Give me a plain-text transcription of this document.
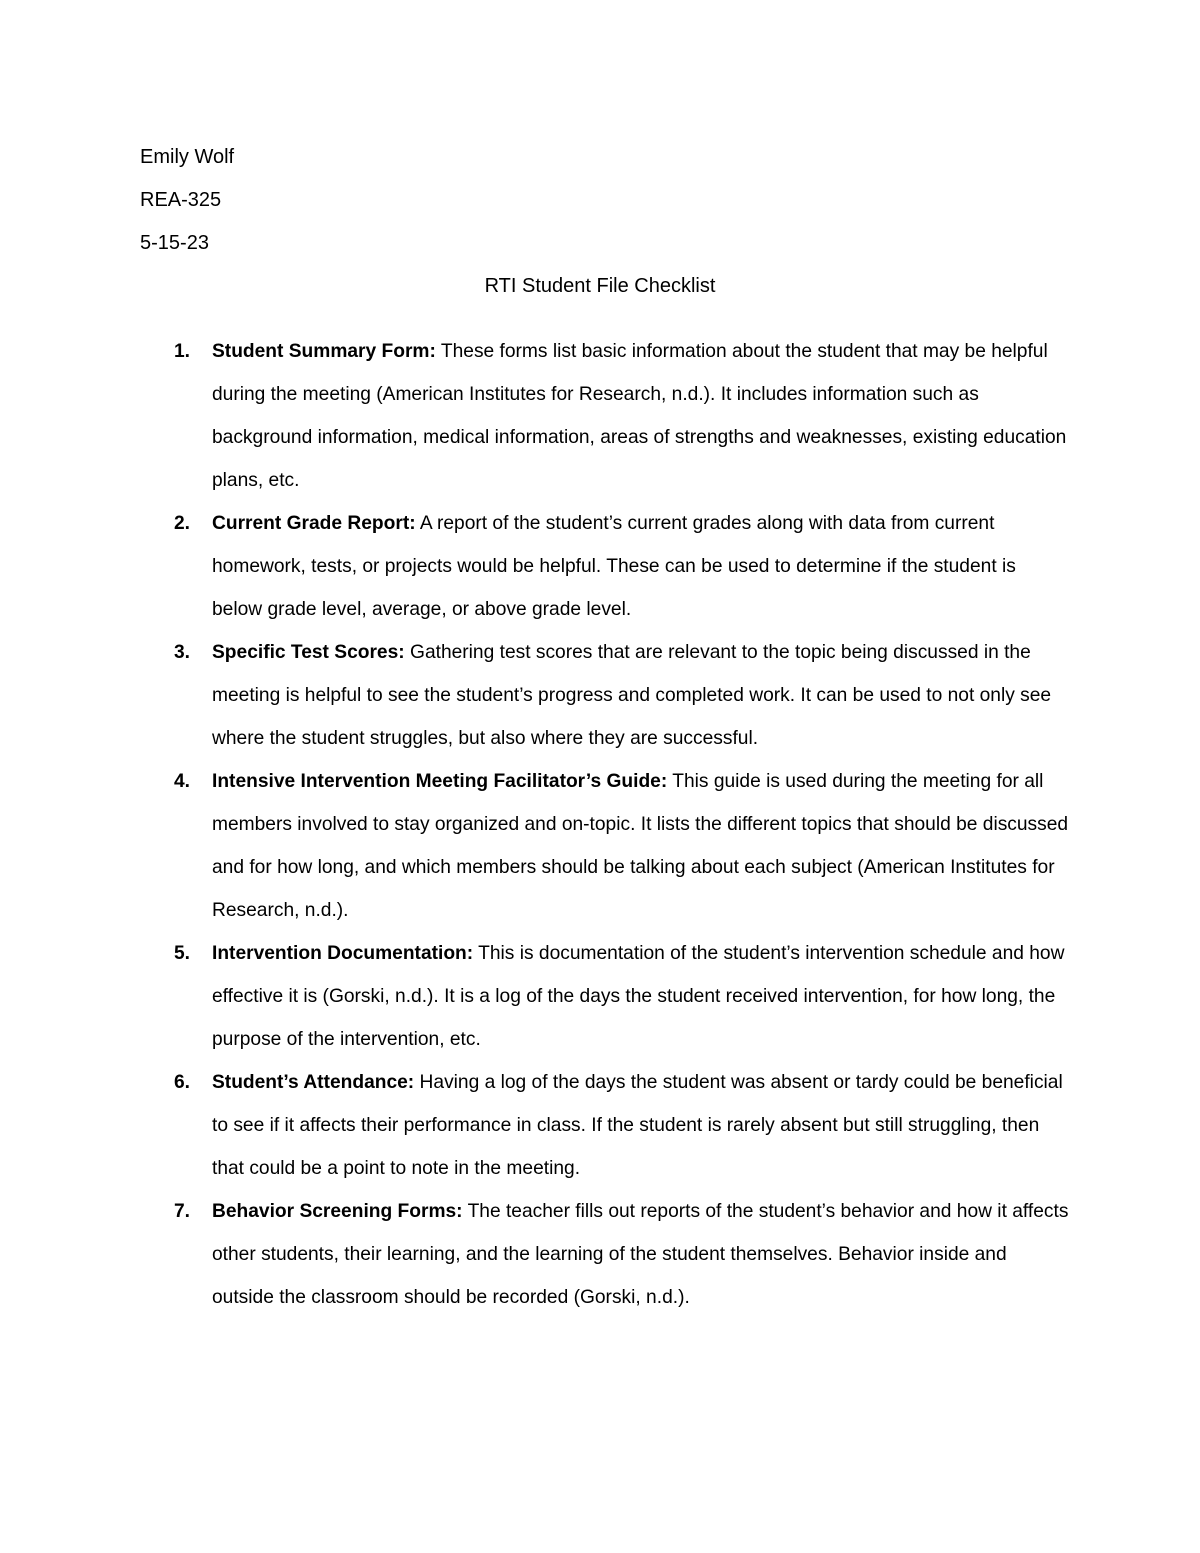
Emily Wolf
REA-325
5-15-23
RTI Student File Checklist
1. Student Summary Form: These forms list basic information about the student that may be helpful during the meeting (American Institutes for Research, n.d.). It includes information such as background information, medical information, areas of strengths and weaknesses, existing education plans, etc.
2. Current Grade Report: A report of the student’s current grades along with data from current homework, tests, or projects would be helpful. These can be used to determine if the student is below grade level, average, or above grade level.
3. Specific Test Scores: Gathering test scores that are relevant to the topic being discussed in the meeting is helpful to see the student’s progress and completed work. It can be used to not only see where the student struggles, but also where they are successful.
4. Intensive Intervention Meeting Facilitator’s Guide: This guide is used during the meeting for all members involved to stay organized and on-topic. It lists the different topics that should be discussed and for how long, and which members should be talking about each subject (American Institutes for Research, n.d.).
5. Intervention Documentation: This is documentation of the student’s intervention schedule and how effective it is (Gorski, n.d.). It is a log of the days the student received intervention, for how long, the purpose of the intervention, etc.
6. Student’s Attendance: Having a log of the days the student was absent or tardy could be beneficial to see if it affects their performance in class. If the student is rarely absent but still struggling, then that could be a point to note in the meeting.
7. Behavior Screening Forms: The teacher fills out reports of the student’s behavior and how it affects other students, their learning, and the learning of the student themselves. Behavior inside and outside the classroom should be recorded (Gorski, n.d.).
